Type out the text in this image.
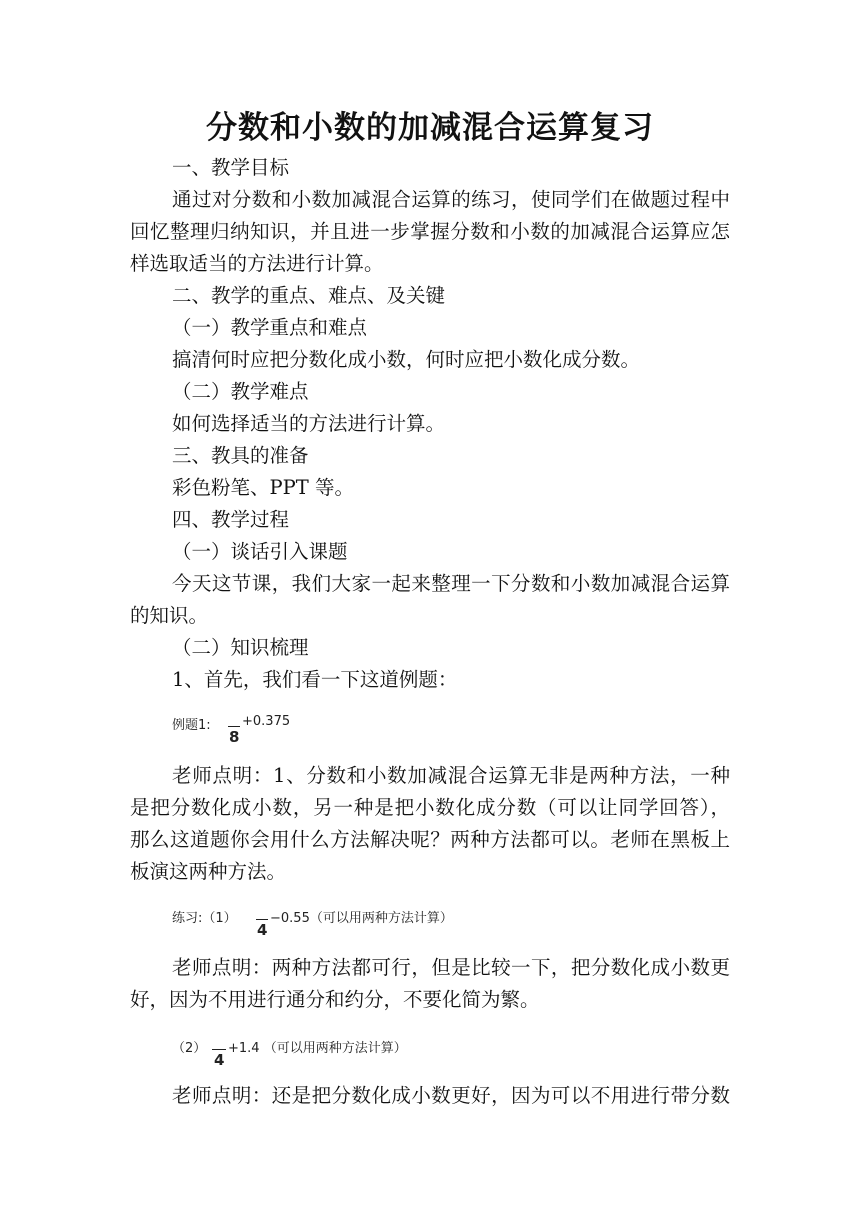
分数和小数的加减混合运算复习
一、教学目标
通过对分数和小数加减混合运算的练习，使同学们在做题过程中
回忆整理归纳知识，并且进一步掌握分数和小数的加减混合运算应怎
样选取适当的方法进行计算。
二、教学的重点、难点、及关键
（一）教学重点和难点
搞清何时应把分数化成小数，何时应把小数化成分数。
（二）教学难点
如何选择适当的方法进行计算。
三、教具的准备
彩色粉笔、PPT 等。
四、教学过程
（一）谈话引入课题
今天这节课，我们大家一起来整理一下分数和小数加减混合运算
的知识。
（二）知识梳理
1、首先，我们看一下这道例题：
例题1:
8
+0.375
老师点明：1、分数和小数加减混合运算无非是两种方法，一种
是把分数化成小数，另一种是把小数化成分数（可以让同学回答），
那么这道题你会用什么方法解决呢？两种方法都可以。老师在黑板上
板演这两种方法。
练习:（1）
4
−0.55（可以用两种方法计算）
老师点明：两种方法都可行，但是比较一下，把分数化成小数更
好，因为不用进行通分和约分，不要化简为繁。
（2）
4
+1.4 （可以用两种方法计算）
老师点明：还是把分数化成小数更好，因为可以不用进行带分数
